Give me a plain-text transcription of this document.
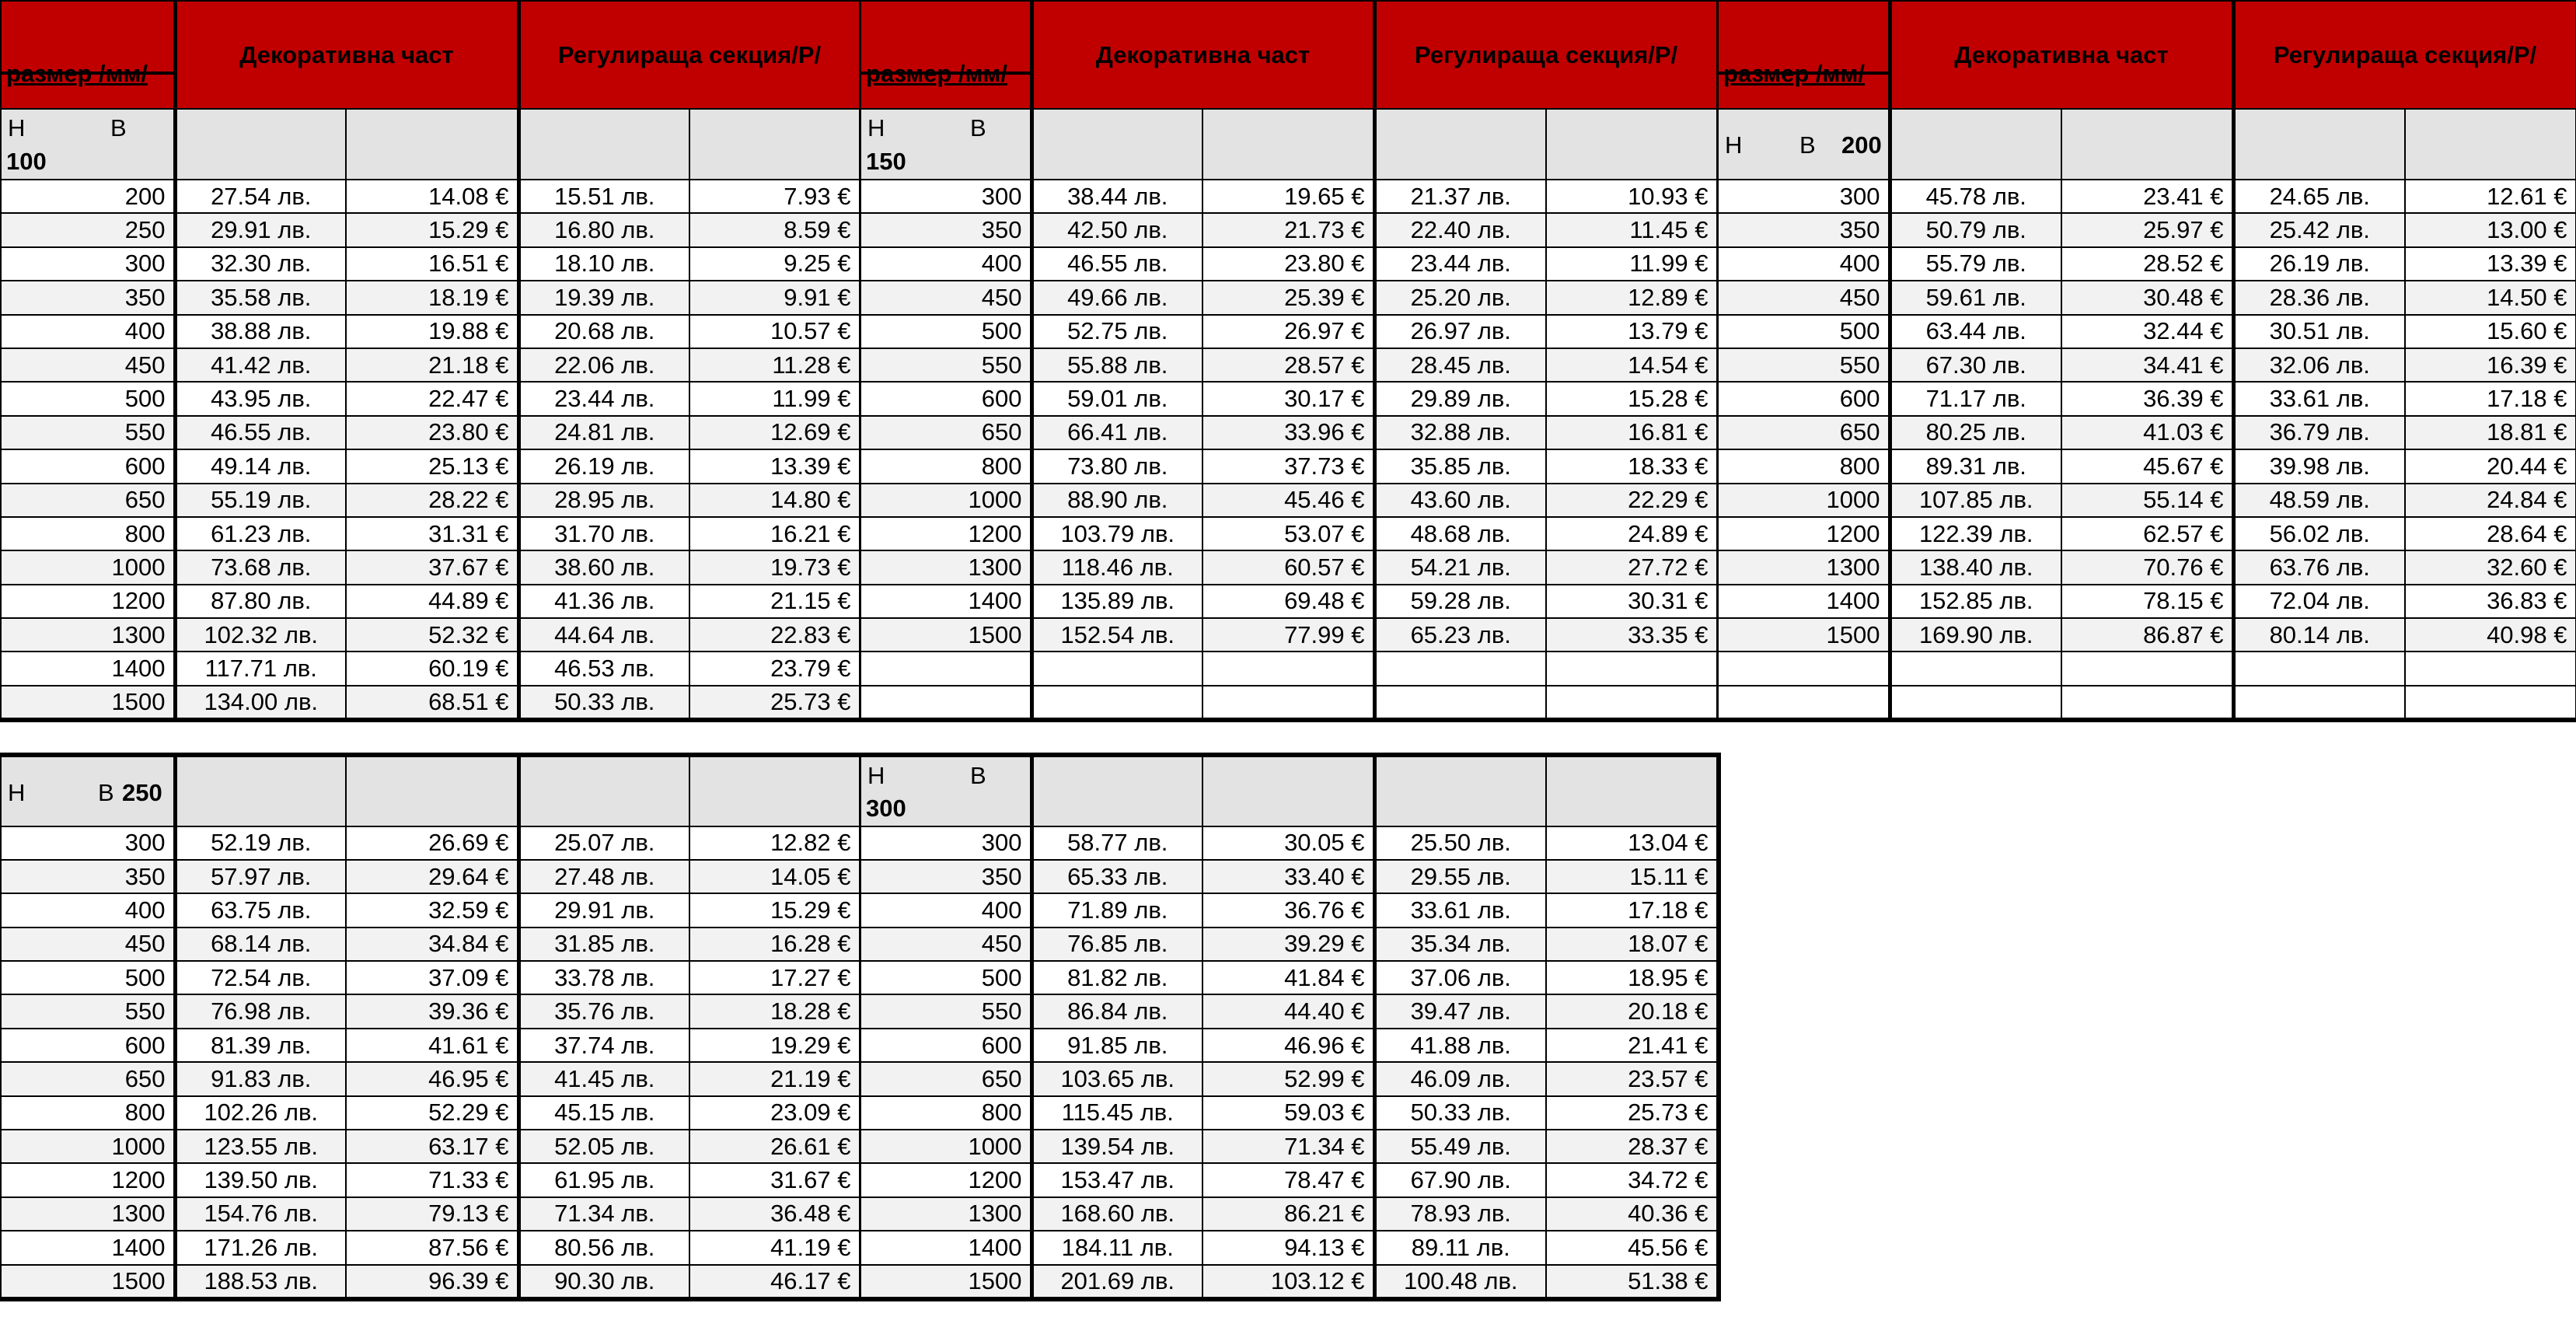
размер /мм/	Декоративна част		Регулираща секция/Р/	

Н В
100				

200	27.54 лв.	14.08 €	15.51 лв.	7.93 €
250	29.91 лв.	15.29 €	16.80 лв.	8.59 €
300	32.30 лв.	16.51 €	18.10 лв.	9.25 €
350	35.58 лв.	18.19 €	19.39 лв.	9.91 €
400	38.88 лв.	19.88 €	20.68 лв.	10.57 €
450	41.42 лв.	21.18 €	22.06 лв.	11.28 €
500	43.95 лв.	22.47 €	23.44 лв.	11.99 €
550	46.55 лв.	23.80 €	24.81 лв.	12.69 €
600	49.14 лв.	25.13 €	26.19 лв.	13.39 €
650	55.19 лв.	28.22 €	28.95 лв.	14.80 €
800	61.23 лв.	31.31 €	31.70 лв.	16.21 €
1000	73.68 лв.	37.67 €	38.60 лв.	19.73 €
1200	87.80 лв.	44.89 €	41.36 лв.	21.15 €
1300	102.32 лв.	52.32 €	44.64 лв.	22.83 €
1400	117.71 лв.	60.19 €	46.53 лв.	23.79 €
1500	134.00 лв.	68.51 €	50.33 лв.	25.73 €
размер /мм/	Декоративна част		Регулираща секция/Р/	

Н В
150				

300	38.44 лв.	19.65 €	21.37 лв.	10.93 €
350	42.50 лв.	21.73 €	22.40 лв.	11.45 €
400	46.55 лв.	23.80 €	23.44 лв.	11.99 €
450	49.66 лв.	25.39 €	25.20 лв.	12.89 €
500	52.75 лв.	26.97 €	26.97 лв.	13.79 €
550	55.88 лв.	28.57 €	28.45 лв.	14.54 €
600	59.01 лв.	30.17 €	29.89 лв.	15.28 €
650	66.41 лв.	33.96 €	32.88 лв.	16.81 €
800	73.80 лв.	37.73 €	35.85 лв.	18.33 €
1000	88.90 лв.	45.46 €	43.60 лв.	22.29 €
1200	103.79 лв.	53.07 €	48.68 лв.	24.89 €
1300	118.46 лв.	60.57 €	54.21 лв.	27.72 €
1400	135.89 лв.	69.48 €	59.28 лв.	30.31 €
1500	152.54 лв.	77.99 €	65.23 лв.	33.35 €

размер /мм/	Декоративна част		Регулираща секция/Р/	

Н В 200				

300	45.78 лв.	23.41 €	24.65 лв.	12.61 €
350	50.79 лв.	25.97 €	25.42 лв.	13.00 €
400	55.79 лв.	28.52 €	26.19 лв.	13.39 €
450	59.61 лв.	30.48 €	28.36 лв.	14.50 €
500	63.44 лв.	32.44 €	30.51 лв.	15.60 €
550	67.30 лв.	34.41 €	32.06 лв.	16.39 €
600	71.17 лв.	36.39 €	33.61 лв.	17.18 €
650	80.25 лв.	41.03 €	36.79 лв.	18.81 €
800	89.31 лв.	45.67 €	39.98 лв.	20.44 €
1000	107.85 лв.	55.14 €	48.59 лв.	24.84 €
1200	122.39 лв.	62.57 €	56.02 лв.	28.64 €
1300	138.40 лв.	70.76 €	63.76 лв.	32.60 €
1400	152.85 лв.	78.15 €	72.04 лв.	36.83 €
1500	169.90 лв.	86.87 €	80.14 лв.	40.98 €

Н В 250				

300	52.19 лв.	26.69 €	25.07 лв.	12.82 €
350	57.97 лв.	29.64 €	27.48 лв.	14.05 €
400	63.75 лв.	32.59 €	29.91 лв.	15.29 €
450	68.14 лв.	34.84 €	31.85 лв.	16.28 €
500	72.54 лв.	37.09 €	33.78 лв.	17.27 €
550	76.98 лв.	39.36 €	35.76 лв.	18.28 €
600	81.39 лв.	41.61 €	37.74 лв.	19.29 €
650	91.83 лв.	46.95 €	41.45 лв.	21.19 €
800	102.26 лв.	52.29 €	45.15 лв.	23.09 €
1000	123.55 лв.	63.17 €	52.05 лв.	26.61 €
1200	139.50 лв.	71.33 €	61.95 лв.	31.67 €
1300	154.76 лв.	79.13 €	71.34 лв.	36.48 €
1400	171.26 лв.	87.56 €	80.56 лв.	41.19 €
1500	188.53 лв.	96.39 €	90.30 лв.	46.17 €
Н В
300				

300	58.77 лв.	30.05 €	25.50 лв.	13.04 €
350	65.33 лв.	33.40 €	29.55 лв.	15.11 €
400	71.89 лв.	36.76 €	33.61 лв.	17.18 €
450	76.85 лв.	39.29 €	35.34 лв.	18.07 €
500	81.82 лв.	41.84 €	37.06 лв.	18.95 €
550	86.84 лв.	44.40 €	39.47 лв.	20.18 €
600	91.85 лв.	46.96 €	41.88 лв.	21.41 €
650	103.65 лв.	52.99 €	46.09 лв.	23.57 €
800	115.45 лв.	59.03 €	50.33 лв.	25.73 €
1000	139.54 лв.	71.34 €	55.49 лв.	28.37 €
1200	153.47 лв.	78.47 €	67.90 лв.	34.72 €
1300	168.60 лв.	86.21 €	78.93 лв.	40.36 €
1400	184.11 лв.	94.13 €	89.11 лв.	45.56 €
1500	201.69 лв.	103.12 €	100.48 лв.	51.38 €
